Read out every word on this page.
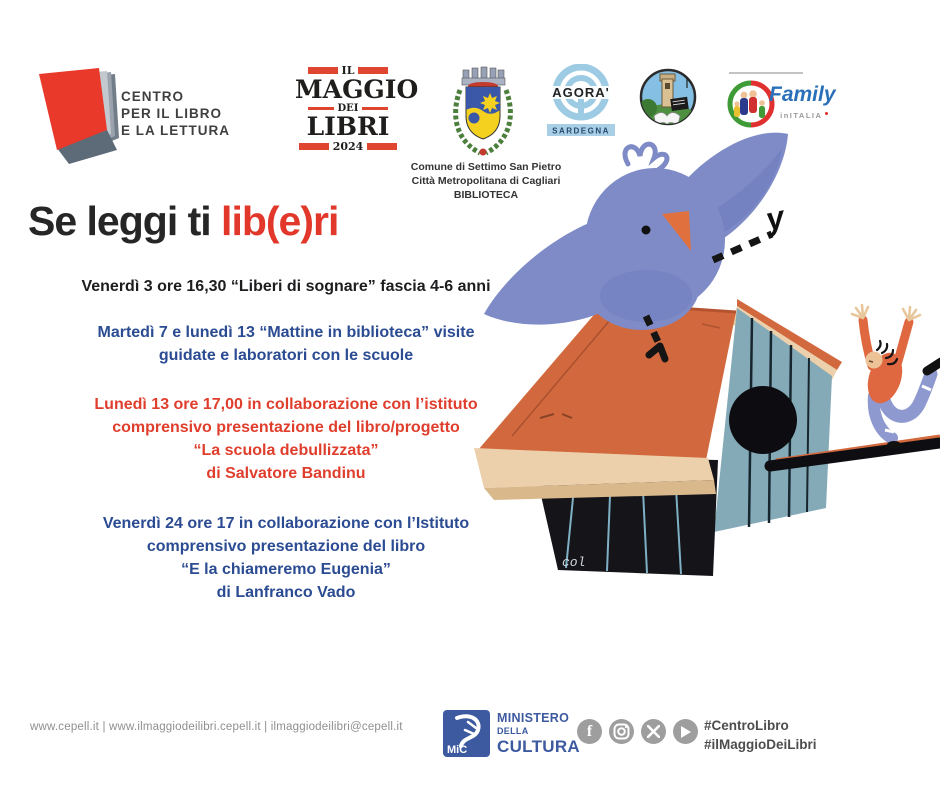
CENTRO
PER IL LIBRO
E LA LETTURA
IL
MAGGIO
DEI
LIBRI
2024
Comune di Settimo San Pietro
Città Metropolitana di Cagliari
BIBLIOTECA
AGORA'
SARDEGNA
Family
inITALIA
Se leggi ti lib(e)ri
Venerdì 3 ore 16,30 “Liberi di sognare” fascia 4-6 anni
Martedì 7 e lunedì 13 “Mattine in biblioteca” visite
guidate e laboratori con le scuole
Lunedì 13 ore 17,00 in collaborazione con l’istituto
comprensivo presentazione del libro/progetto
“La scuola debullizzata”
di Salvatore Bandinu
Venerdì 24 ore 17 in collaborazione con l’Istituto
comprensivo presentazione del libro
“E la chiameremo Eugenia”
di Lanfranco Vado
col
y
www.cepell.it | www.ilmaggiodeilibri.cepell.it | ilmaggiodeilibri@cepell.it
MiC
MINISTERO
DELLA
CULTURA
f	#CentroLibro
#ilMaggioDeiLibri
